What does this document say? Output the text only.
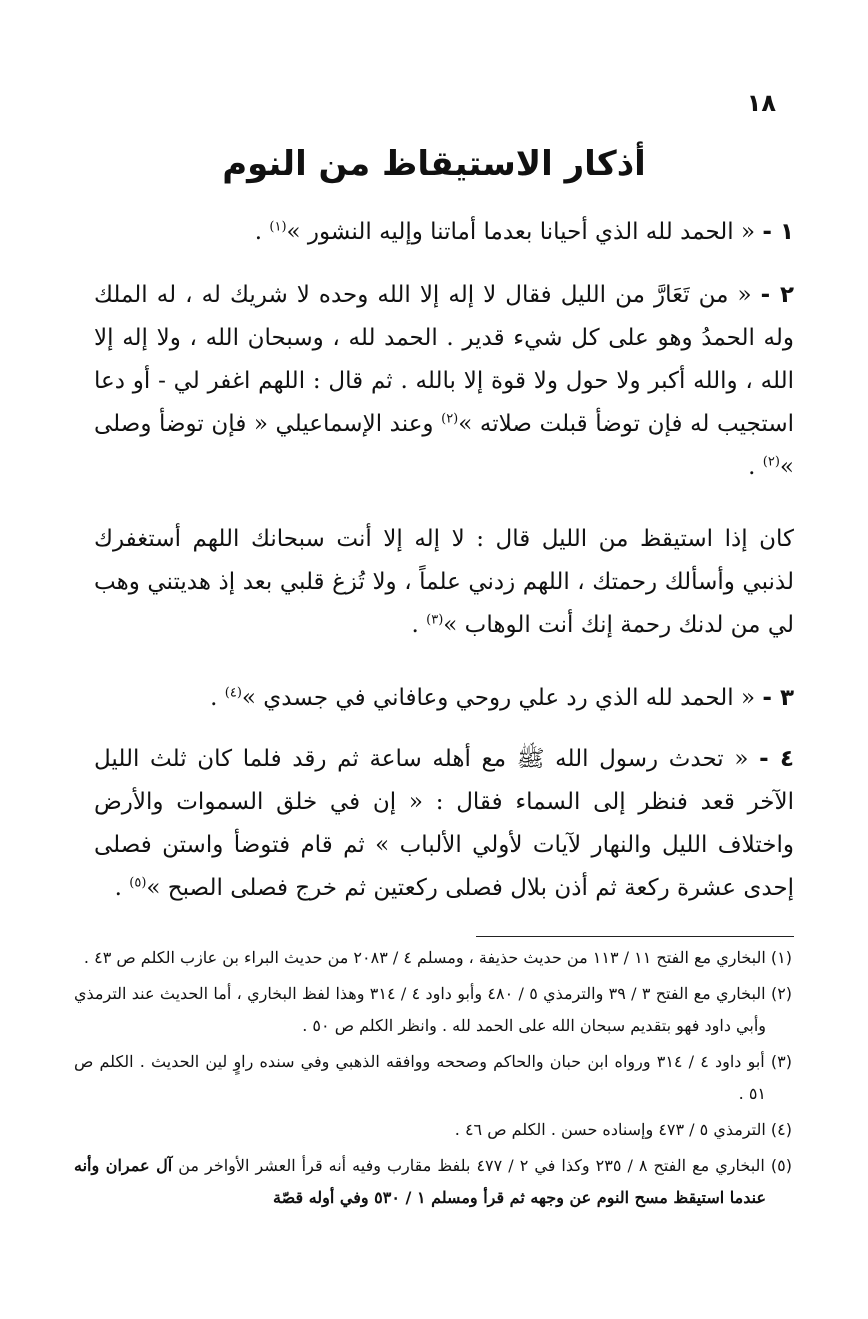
١٨
أذكار الاستيقاظ من النوم

١ - « الحمد لله الذي أحيانا بعدما أماتنا وإليه النشور »$^{(١)}$ .

٢ - « من تَعَارَّ من الليل فقال لا إله إلا الله وحده لا شريك له ، له الملك وله الحمدُ وهو على كل شيء قدير . الحمد لله ، وسبحان الله ، ولا إله إلا الله ، والله أكبر ولا حول ولا قوة إلا بالله . ثم قال : اللهم اغفر لي - أو دعا استجيب له فإن توضأ قبلت صلاته »$^{(٢)}$ وعند الإسماعيلي « فإن توضأ وصلى »$^{(٢)}$ .

كان إذا استيقظ من الليل قال : لا إله إلا أنت سبحانك اللهم أستغفرك لذنبي وأسألك رحمتك ، اللهم زدني علماً ، ولا تُزغ قلبي بعد إذ هديتني وهب لي من لدنك رحمة إنك أنت الوهاب »$^{(٣)}$ .

٣ - « الحمد لله الذي رد علي روحي وعافاني في جسدي »$^{(٤)}$ .

٤ - « تحدث رسول الله ﷺ مع أهله ساعة ثم رقد فلما كان ثلث الليل الآخر قعد فنظر إلى السماء فقال : « إن في خلق السموات والأرض واختلاف الليل والنهار لآيات لأولي الألباب » ثم قام فتوضأ واستن فصلى إحدى عشرة ركعة ثم أذن بلال فصلى ركعتين ثم خرج فصلى الصبح »$^{(٥)}$ .

(١) البخاري مع الفتح ١١ / ١١٣ من حديث حذيفة ، ومسلم ٤ / ٢٠٨٣ من حديث البراء بن عازب الكلم ص ٤٣ .

(٢) البخاري مع الفتح ٣ / ٣٩ والترمذي ٥ / ٤٨٠ وأبو داود ٤ / ٣١٤ وهذا لفظ البخاري ، أما الحديث عند الترمذي وأبي داود فهو بتقديم سبحان الله على الحمد لله . وانظر الكلم ص ٥٠ .

(٣) أبو داود ٤ / ٣١٤ ورواه ابن حبان والحاكم وصححه ووافقه الذهبي وفي سنده راوٍ لين الحديث . الكلم ص ٥١ .

(٤) الترمذي ٥ / ٤٧٣ وإسناده حسن . الكلم ص ٤٦ .

(٥) البخاري مع الفتح ٨ / ٢٣٥ وكذا في ٢ / ٤٧٧ بلفظ مقارب وفيه أنه قرأ العشر الأواخر من آل عمران وأنه عندما استيقظ مسح النوم عن وجهه ثم قرأ ومسلم ١ / ٥٣٠ وفي أوله قصّة
